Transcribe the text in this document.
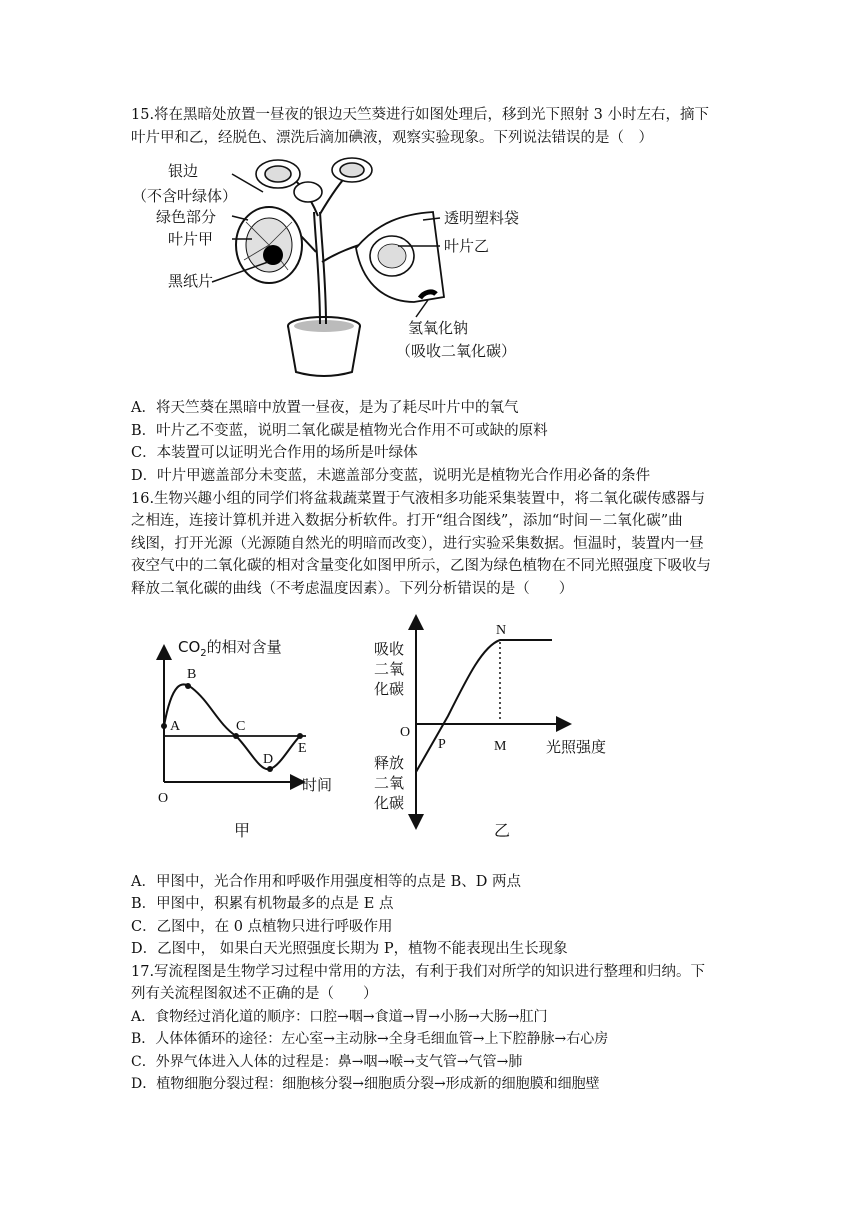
15.将在黑暗处放置一昼夜的银边天竺葵进行如图处理后，移到光下照射 3 小时左右，摘下
叶片甲和乙，经脱色、漂洗后滴加碘液，观察实验现象。下列说法错误的是（　）
银边
（不含叶绿体）
绿色部分
叶片甲
黑纸片
透明塑料袋
叶片乙
氢氧化钠
（吸收二氧化碳）
A．将天竺葵在黑暗中放置一昼夜，是为了耗尽叶片中的氧气
B．叶片乙不变蓝，说明二氧化碳是植物光合作用不可或缺的原料
C．本装置可以证明光合作用的场所是叶绿体
D．叶片甲遮盖部分未变蓝，未遮盖部分变蓝，说明光是植物光合作用必备的条件
16.生物兴趣小组的同学们将盆栽蔬菜置于气液相多功能采集装置中，将二氧化碳传感器与
之相连，连接计算机并进入数据分析软件。打开“组合图线”，添加“时间－二氧化碳”曲
线图，打开光源（光源随自然光的明暗而改变），进行实验采集数据。恒温时，装置内一昼
夜空气中的二氧化碳的相对含量变化如图甲所示，乙图为绿色植物在不同光照强度下吸收与
释放二氧化碳的曲线（不考虑温度因素）。下列分析错误的是（　　）
$CO_2$的相对含量
A
B
C
D
E
O
时间
甲
吸收
二氧
化碳
O
N
P	M	光照强度
释放
二氧
化碳
乙
A．甲图中，光合作用和呼吸作用强度相等的点是 B、D 两点
B．甲图中，积累有机物最多的点是 E 点
C．乙图中，在 0 点植物只进行呼吸作用
D．乙图中， 如果白天光照强度长期为 P，植物不能表现出生长现象
17.写流程图是生物学习过程中常用的方法，有利于我们对所学的知识进行整理和归纳。下
列有关流程图叙述不正确的是（　　）
A．食物经过消化道的顺序：口腔→咽→食道→胃→小肠→大肠→肛门
B．人体体循环的途径：左心室→主动脉→全身毛细血管→上下腔静脉→右心房
C．外界气体进入人体的过程是：鼻→咽→喉→支气管→气管→肺
D．植物细胞分裂过程：细胞核分裂→细胞质分裂→形成新的细胞膜和细胞壁
